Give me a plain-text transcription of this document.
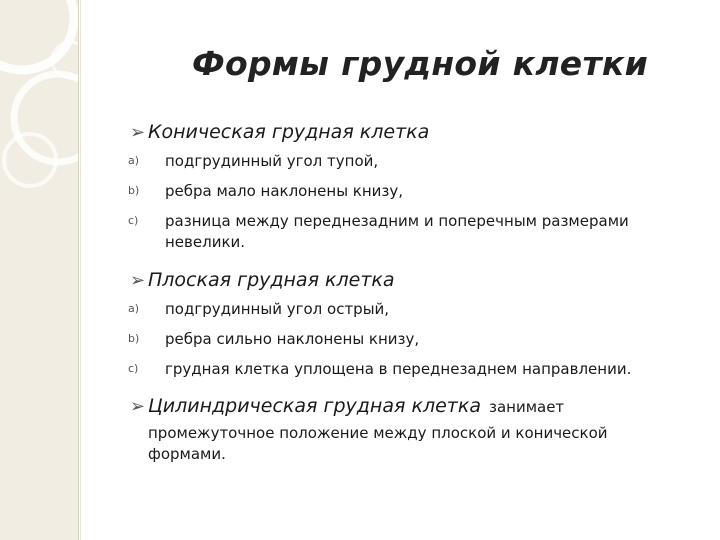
Формы грудной клетки
➢ Коническая грудная клетка
a)	подгрудинный угол тупой,
b)	ребра мало наклонены книзу,
c)	разница между переднезадним и поперечным размерами невелики.
➢ Плоская грудная клетка
a)	подгрудинный угол острый,
b)	ребра сильно наклонены книзу,
c)	грудная клетка уплощена в переднезаднем направлении.
➢ Цилиндрическая грудная клетка занимает
промежуточное положение между плоской и конической формами.
